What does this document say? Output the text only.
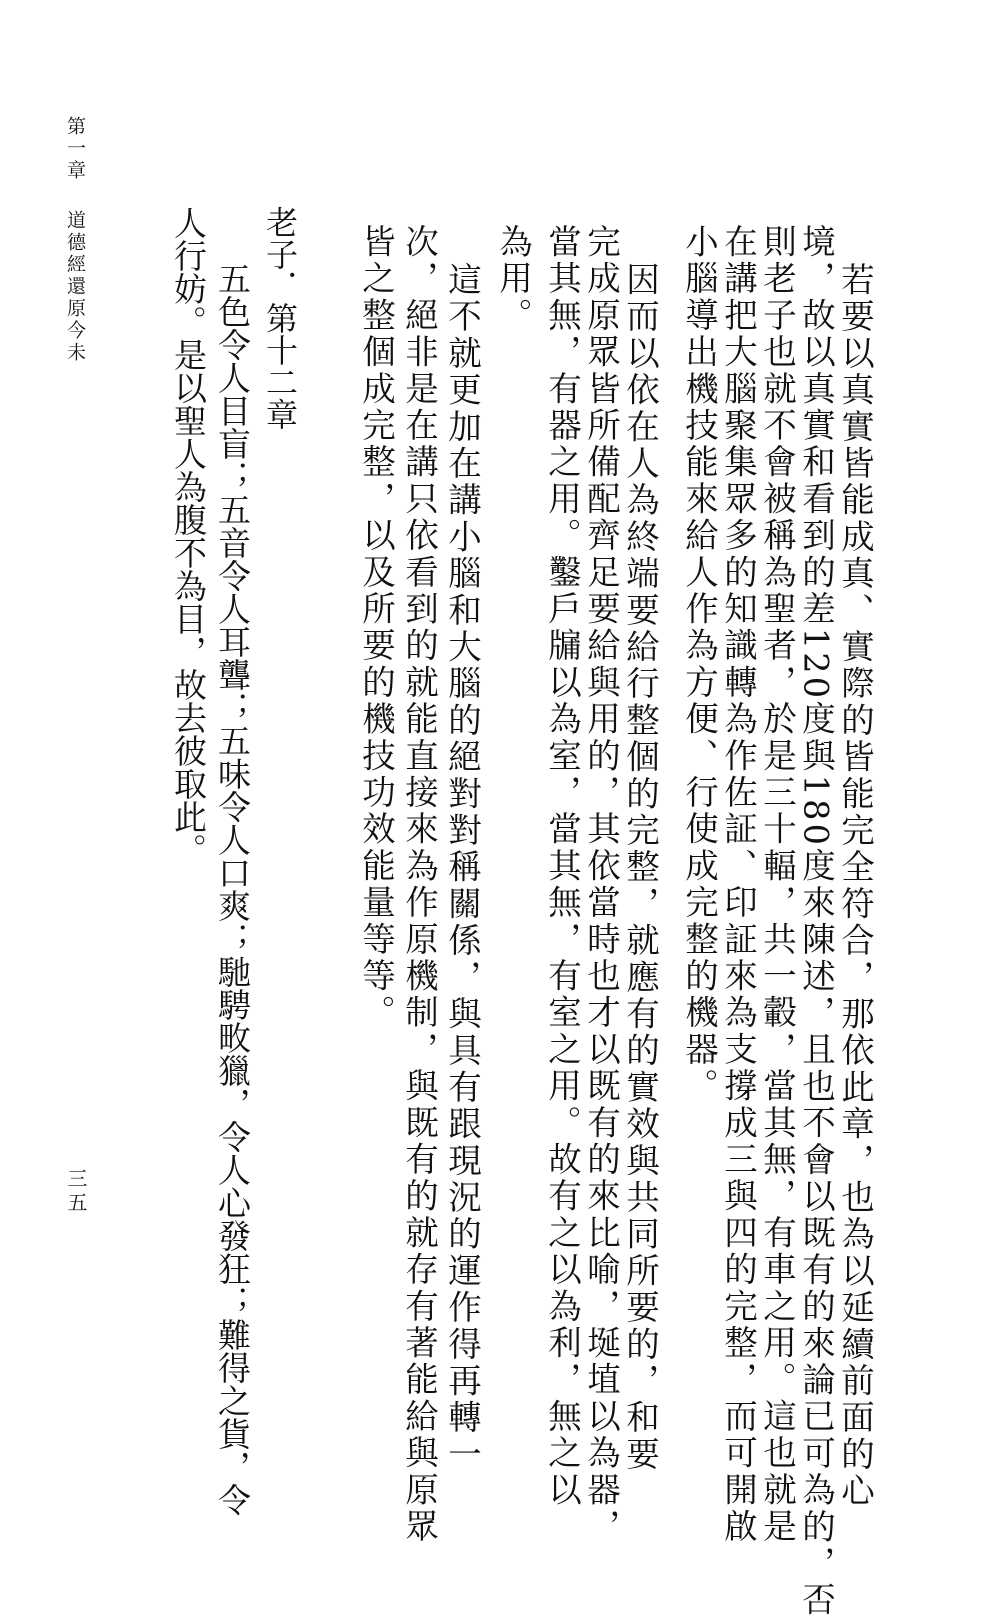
第一章
道德經還原今未
三五	若要以真實皆能成真、實際的皆能完全符合，那依此章，也為以延續前面的心
境，故以真實和看到的差120度與180度來陳述，且也不會以既有的來論已可為的，否
則老子也就不會被稱為聖者，於是三十輻，共一轂，當其無，有車之用。這也就是
在講把大腦聚集眾多的知識轉為作佐証、印証來為支撐成三與四的完整，而可開啟
小腦導出機技能來給人作為方便、行使成完整的機器。
因而以依在人為終端要給行整個的完整，就應有的實效與共同所要的，和要
完成原眾皆所備配齊足要給與用的，其依當時也才以既有的來比喻，埏埴以為器，
當其無，有器之用。鑿戶牖以為室，當其無，有室之用。故有之以為利，無之以
為用。
這不就更加在講小腦和大腦的絕對對稱關係，與具有跟現況的運作得再轉一
次，絕非是在講只依看到的就能直接來為作原機制，與既有的就存有著能給與原眾
皆之整個成完整，以及所要的機技功效能量等等。
老子．第十二章
五色令人目盲；五音令人耳聾；五味令人口爽；馳騁畋獵，令人心發狂；難得之貨，令
人行妨。是以聖人為腹不為目，故去彼取此。
